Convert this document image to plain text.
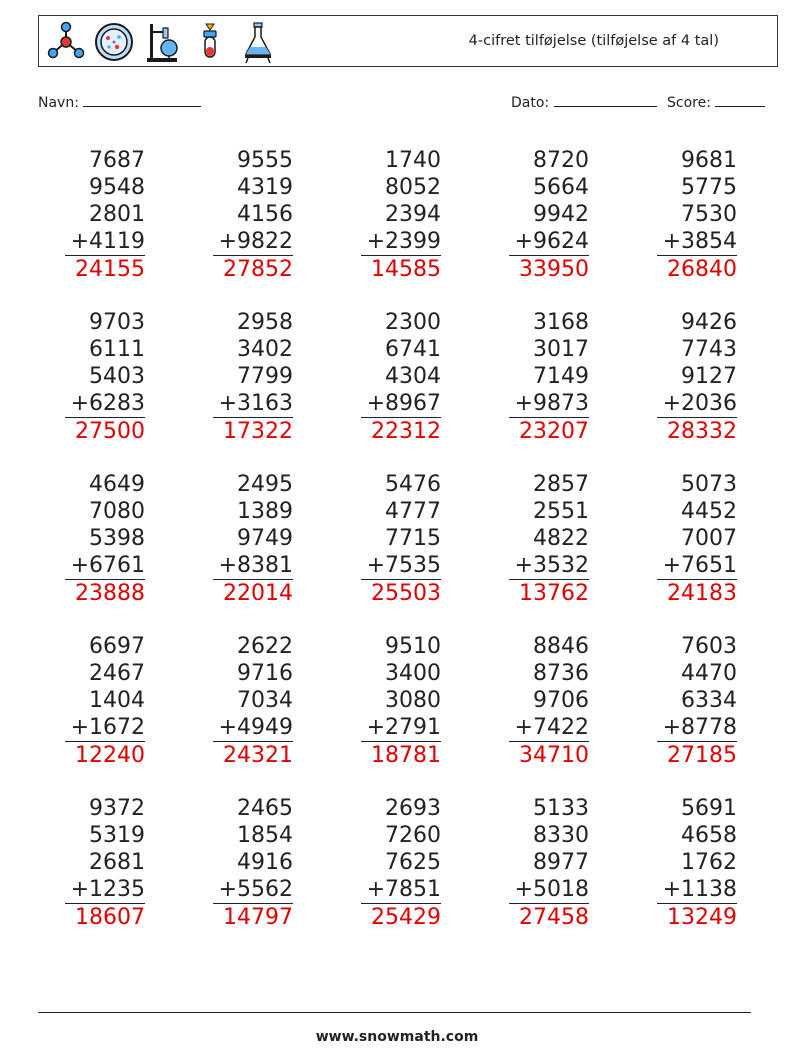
4-cifret tilføjelse (tilføjelse af 4 tal)
Navn:	Dato:	Score:
7687
9548
2801
+4119
24155
9555
4319
4156
+9822
27852
1740
8052
2394
+2399
14585
8720
5664
9942
+9624
33950
9681
5775
7530
+3854
26840
9703
6111
5403
+6283
27500
2958
3402
7799
+3163
17322
2300
6741
4304
+8967
22312
3168
3017
7149
+9873
23207
9426
7743
9127
+2036
28332
4649
7080
5398
+6761
23888
2495
1389
9749
+8381
22014
5476
4777
7715
+7535
25503
2857
2551
4822
+3532
13762
5073
4452
7007
+7651
24183
6697
2467
1404
+1672
12240
2622
9716
7034
+4949
24321
9510
3400
3080
+2791
18781
8846
8736
9706
+7422
34710
7603
4470
6334
+8778
27185
9372
5319
2681
+1235
18607
2465
1854
4916
+5562
14797
2693
7260
7625
+7851
25429
5133
8330
8977
+5018
27458
5691
4658
1762
+1138
13249
www.snowmath.com
